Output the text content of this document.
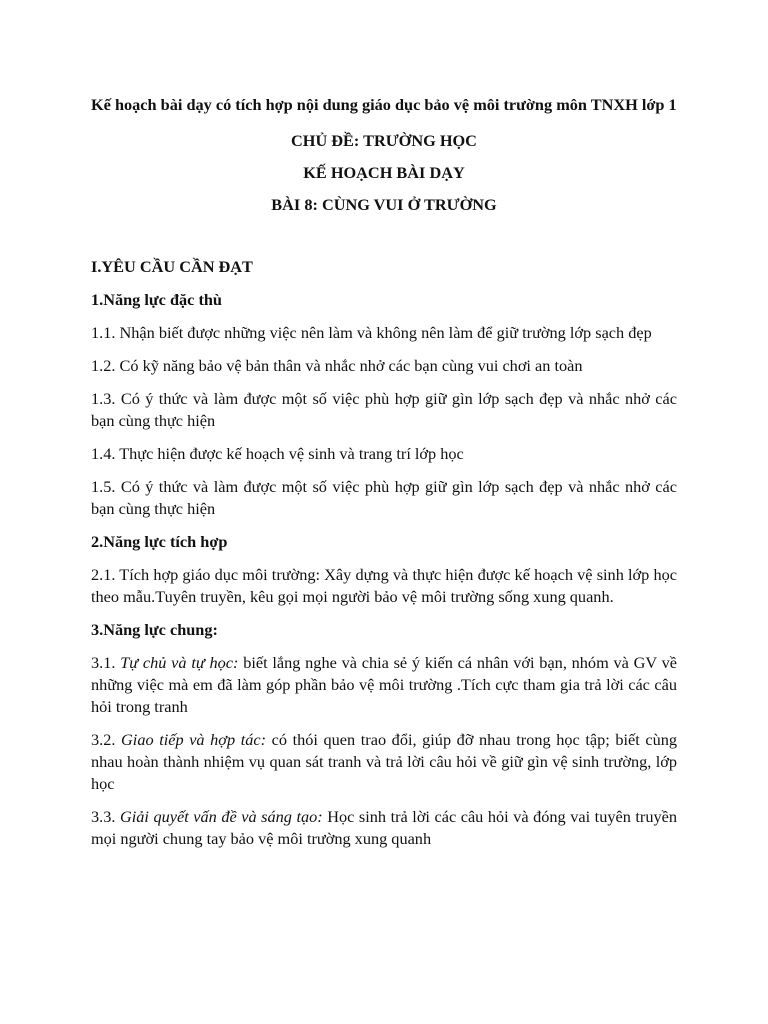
Kế hoạch bài dạy có tích hợp nội dung giáo dục bảo vệ môi trường môn TNXH lớp 1

CHỦ ĐỀ: TRƯỜNG HỌC

KẾ HOẠCH BÀI DẠY

BÀI 8: CÙNG VUI Ở TRƯỜNG

I.YÊU CẦU CẦN ĐẠT

1.Năng lực đặc thù

1.1. Nhận biết được những việc nên làm và không nên làm để giữ trường lớp sạch đẹp

1.2. Có kỹ năng bảo vệ bản thân và nhắc nhở các bạn cùng vui chơi an toàn

1.3. Có ý thức và làm được một số việc phù hợp giữ gìn lớp sạch đẹp và nhắc nhở các bạn cùng thực hiện

1.4. Thực hiện được kế hoạch vệ sinh và trang trí lớp học

1.5. Có ý thức và làm được một số việc phù hợp giữ gìn lớp sạch đẹp và nhắc nhở các bạn cùng thực hiện

2.Năng lực tích hợp

2.1. Tích hợp giáo dục môi trường: Xây dựng và thực hiện được kế hoạch vệ sinh lớp học theo mẫu.Tuyên truyền, kêu gọi mọi người bảo vệ môi trường sống xung quanh.

3.Năng lực chung:

3.1. Tự chủ và tự học: biết lắng nghe và chia sẻ ý kiến cá nhân với bạn, nhóm và GV về những việc mà em đã làm góp phần bảo vệ môi trường .Tích cực tham gia trả lời các câu hỏi trong tranh

3.2. Giao tiếp và hợp tác: có thói quen trao đổi, giúp đỡ nhau trong học tập; biết cùng nhau hoàn thành nhiệm vụ quan sát tranh và trả lời câu hỏi về giữ gìn vệ sinh trường, lớp học

3.3. Giải quyết vấn đề và sáng tạo: Học sinh trả lời các câu hỏi và đóng vai tuyên truyền mọi người chung tay bảo vệ môi trường xung quanh
